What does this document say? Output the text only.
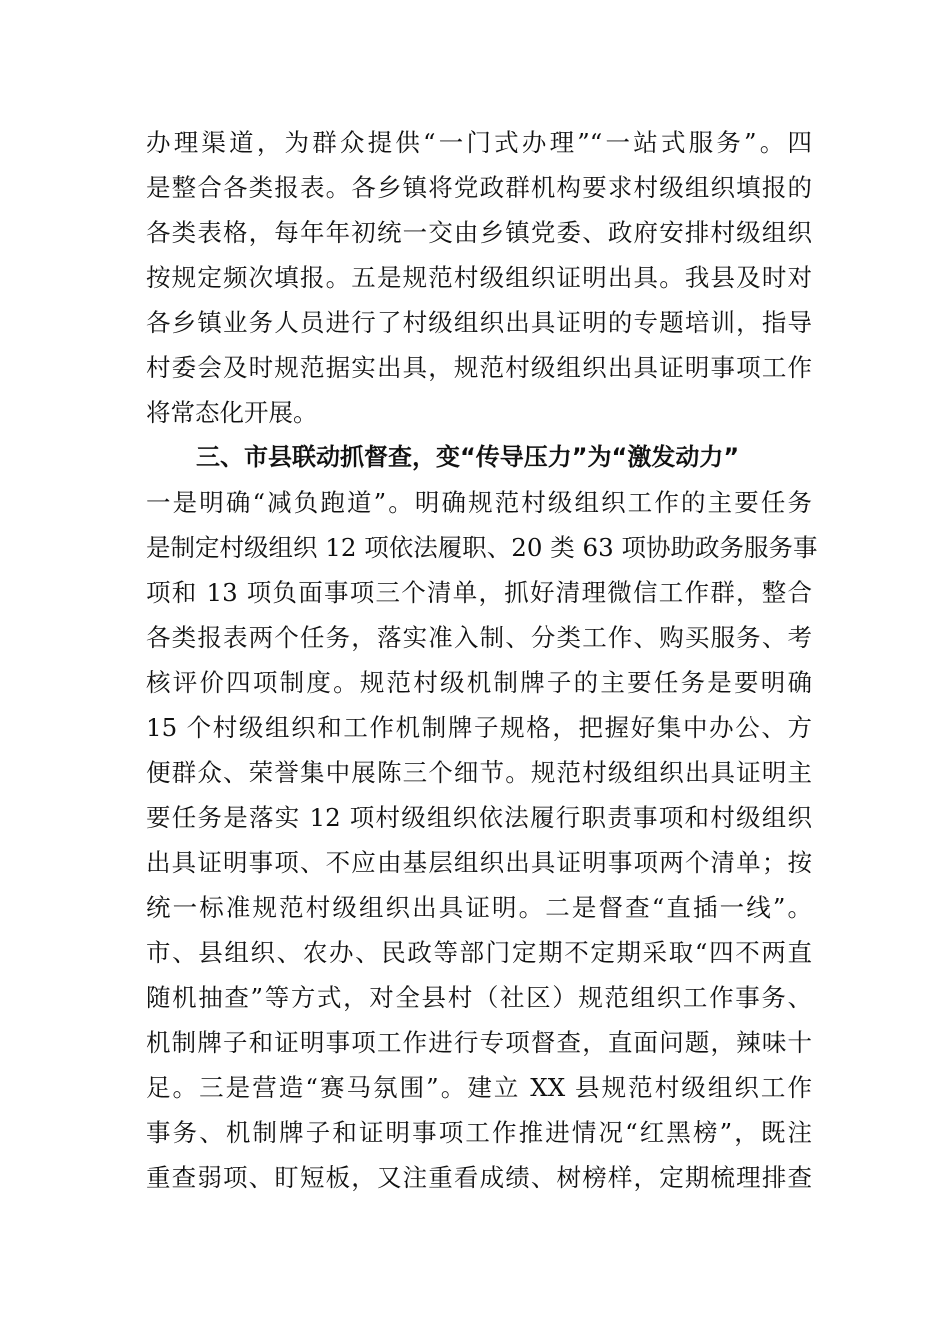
办理渠道，为群众提供“一门式办理”“一站式服务”。四
是整合各类报表。各乡镇将党政群机构要求村级组织填报的
各类表格，每年年初统一交由乡镇党委、政府安排村级组织
按规定频次填报。五是规范村级组织证明出具。我县及时对
各乡镇业务人员进行了村级组织出具证明的专题培训，指导
村委会及时规范据实出具，规范村级组织出具证明事项工作
将常态化开展。
三、市县联动抓督查，变“传导压力”为“激发动力”
一是明确“减负跑道”。明确规范村级组织工作的主要任务
是制定村级组织 12 项依法履职、20 类 63 项协助政务服务事
项和 13 项负面事项三个清单，抓好清理微信工作群，整合
各类报表两个任务，落实准入制、分类工作、购买服务、考
核评价四项制度。规范村级机制牌子的主要任务是要明确
15 个村级组织和工作机制牌子规格，把握好集中办公、方
便群众、荣誉集中展陈三个细节。规范村级组织出具证明主
要任务是落实 12 项村级组织依法履行职责事项和村级组织
出具证明事项、不应由基层组织出具证明事项两个清单；按
统一标准规范村级组织出具证明。二是督查“直插一线”。
市、县组织、农办、民政等部门定期不定期采取“四不两直
随机抽查”等方式，对全县村（社区）规范组织工作事务、
机制牌子和证明事项工作进行专项督查，直面问题，辣味十
足。三是营造“赛马氛围”。建立 XX 县规范村级组织工作
事务、机制牌子和证明事项工作推进情况“红黑榜”，既注
重查弱项、盯短板，又注重看成绩、树榜样，定期梳理排查
